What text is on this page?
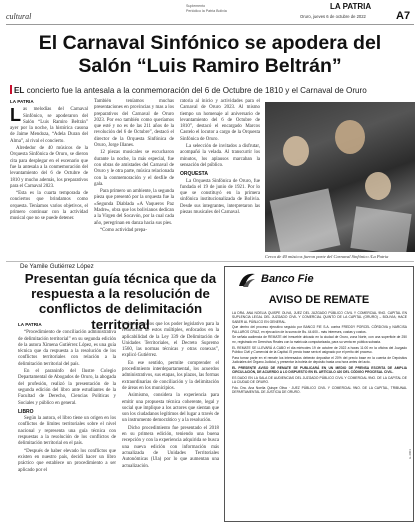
cultural
Suplemento
Periódico la Patria Bolivia	LA PATRIA
Oruro, jueves 6 de octubre de 2022	A7
El Carnaval Sinfónico se apodera del Salón “Luis Ramiro Beltrán”
EL concierto fue la antesala a la conmemoración del 6 de Octubre de 1810 y el Carnaval de Oruro
LA PATRIA

Las melodías del Carnaval Sinfónico, se apoderaron del Salón “Luis Ramiro Beltrán” ayer por la noche, la histórica casona de Jaime Mendoza, “Adela Duran del Alma”, al rival el concierto.

Alrededor de 40 músicos de la Orquesta Sinfónica de Oruro, se dieron cita para desplegar en el escenario que fue la antesala a la conmemoración del levantamiento del 6 de Octubre de 1810 y mucho además, los preparativos para el Carnaval 2023.

“Esta es la cuarta temporada de conciertos que brindamos como orquesta. Teníamos varios objetivos, el primero continuar con la actividad musical que no se puede detener.

También teníamos muchas presentaciones en provincias y mas a los preparativos del Carnaval de Oruro 2023. Por eso también como queríamos que esté y no es de las 211 años de la revolución del 6 de Octubre”, destacó el director de la Orquesta Sinfónica de Oruro, Jorge Illanes.

12 piezas musicales se escucharon durante la noche, la más especial, fue con obras de amistades del Carnaval de Oruro y le otra parte, música relacionada con la conmemoración y el desfile de gala.

Para primero un ambiente, la segunda pieza que presentó por la orquesta fue la «Segunda Diablada «A Vaqueros Paz Madre», obra que los bolivianos dedican a la Virgen del Socavón, por la cual cada año, peregrinan en danza hacia sus pies.

“Como actividad prepa-

ratoria al inicio y actividades para el Carnaval de Oruro 2023. Al mismo tiempo un homenaje al aniversario de levantamiento del 6 de Octubre de 1810”, destacó el encargado Marcos Castelo el locutor a cargo de la Orquesta Sinfónica de Oruro.

La selección de invitados a disfrutar, acompañó la velada. Al transcurrir los minutos, los aplausos marcaban la sensación del público.

ORQUESTA

La Orquesta Sinfónica de Oruro, fue fundada el 19 de junio de 1921. Por lo que se constituyó en la primera sinfónica institucionalizada de Bolivia. Desde sus integrantes, interpretaron las piezas musicales del Carnaval.

Cerca de 40 músicos fueron parte del Carnaval Sinfónico /La Patria
De Yamile Gutiérrez López
Presentan guía técnica que da respuesta a la resolución de conflictos de delimitación territorial
LA PATRIA

“Procedimiento de conciliación administrativa de delimitación territorial” en su segunda edición de la autora Ximena Gutiérrez López, es una guía técnica que da respuesta a la resolución de los conflictos territoriales con relación a la delimitación territorial del país.

En el paraninfo del Ilustre Colegio Departamental de Abogados de Oruro, la abogada del profesión, realizó la presentación de la segunda edición del libro ante estudiantes de la Facultad de Derecho, Ciencias Políticas y Sociales y público en general.

LIBRO

Según la autora, el libro tiene un origen en los conflictos de límites territoriales sobre el nivel nacional y representa una guía técnica con respuestas a la resolución de los conflictos de delimitación territorial en el país.

“Después de haber elevado los conflictos que existen en nuestro país, decidí hacer un libro práctico que establece un procedimiento a ser aplicado por el

intérprete en los que los poder legislativo para la resolución de estos múltiples, enfocados en la aplicabilidad de la Ley 339 de Delimitación de Unidades Territoriales, el Decreto Supremo 1560, las normas técnicas y otras conexas”, explicó Gutiérrez.

En ese sentido, permite comprender el procedimiento interdepartamental, los acuerdos administrativos, sus etapas, los plazos, las formas extraordinarias de conciliación y la delimitación de áreas en los municipios.

Asimismo, considera la experiencia para emitir una propuesta técnica coherente, legal y social que implique a los actores que sientan que son los ciudadanos legítimos del lugar a través de un instrumento democrático y a la resolución.

Dicho procedimiento fue presentado el 2018 en su primera edición, teniendo una buena recepción y con la experiencia adquirida se busca una nueva edición con información más actualizada de Unidades Territoriales Autonómicas (Ula) por lo que aumentan una actualización.

Banco Fie
AVISO DE REMATE

LA DRA. ANA NOELIA QUISPE OLIVA, JUEZ DEL JUZGADO PÚBLICO CIVIL Y COMERCIAL 9NO. CAPITAL EN SUPLENCIA LEGAL DEL JUZGADO CIVIL Y COMERCIAL QUINTO DE LA CAPITAL (ORURO) – BOLIVIA; HACE SABER AL PÚBLICO EN GENERAL.

Que dentro del proceso ejecutivo seguido por BANCO FIE S.A. contra FREDDY PORCEL CÓRDOVA y NARCISA PALLAROS CRUZ, en ejecución de la suma de Bs. 44.600.- más intereses, costas y costos.

Se señala audiencia de REMATE del inmueble ubicado en la ciudad de Oruro, zona Norte, con una superficie de 250 m², registrado en Derechos Reales con la matrícula computarizada, para su venta en pública subasta.

EL REMATE SE LLEVARÁ A CABO el día miércoles 19 de octubre de 2022 a horas 11:00 en la oficina del Juzgado Público Civil y Comercial de la Capital. El precio base será el asignado por el perito del proceso.

Para tomar parte en el remate los interesados deberán depositar el 20% del precio base en la cuenta de Depósitos Judiciales del Órgano Judicial, y presentar la boleta de depósito hasta una hora antes del acto.

EL PRESENTE AVISO DE REMATE SE PUBLICARÁ EN UN MEDIO DE PRENSA ESCRITA DE AMPLIA CIRCULACIÓN, DE ACUERDO A LO DISPUESTO EN EL ARTÍCULO 420 DEL CÓDIGO PROCESAL CIVIL.

ES DADO EN LA SALA DE AUDIENCIAS DEL JUZGADO PÚBLICO CIVIL Y COMERCIAL 9NO. DE LA CAPITAL DE LA CIUDAD DE ORURO.

Fdo. Dra. Ana Noelia Quispe Oliva · JUEZ PÚBLICO CIVIL Y COMERCIAL 9NO. DE LA CAPITAL, TRIBUNAL DEPARTAMENTAL DE JUSTICIA DE ORURO.

E-4001
